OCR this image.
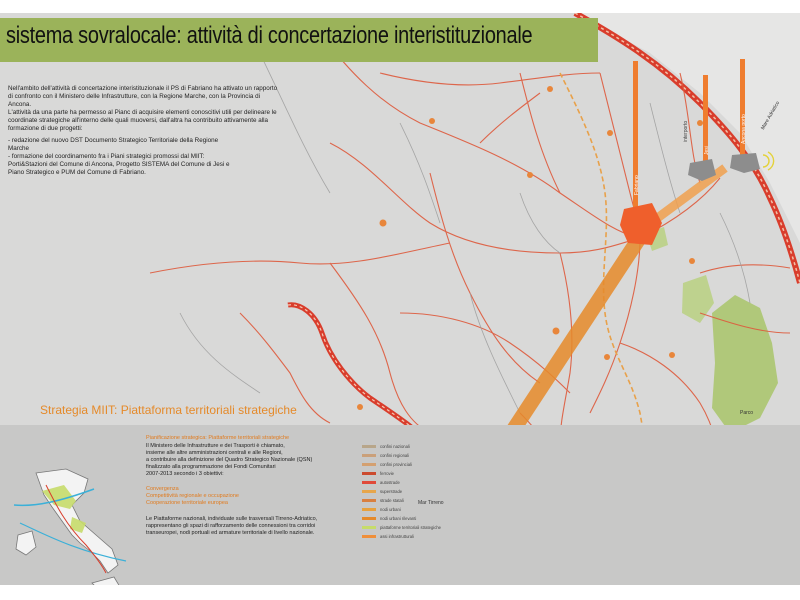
sistema sovralocale: attività di concertazione interistituzionale
Nell'ambito dell'attività di concertazione interistituzionale il PS di Fabriano ha attivato un rapporto
di confronto con il Ministero delle Infrastrutture, con la Regione Marche, con la Provincia di
Ancona.
L'attività da una parte ha permesso al Pianc di acquisire elementi conoscitivi utili per delineare le
coordinate strategiche all'interno delle quali muoversi, dall'altra ha contribuito attivamente alla
formazione di due progetti:
- redazione del nuovo DST Documento Strategico Territoriale della Regione
Marche
- formazione del coordinamento fra i Piani strategici promossi dal MIIT:
Porti&Stazioni del Comune di Ancona, Progetto SISTEMA del Comune di Jesi e
Piano Strategico e PUM del Comune di Fabriano.
Strategia MIIT: Piattaforma territoriali strategiche
Pianificazione strategica: Piattaforme territoriali strategiche
Il Ministero delle Infrastrutture e dei Trasporti è chiamato,
insieme alle altre amministrazioni centrali e alle Regioni,
a contribuire alla definizione del Quadro Strategico Nazionale (QSN)
finalizzato alla programmazione dei Fondi Comunitari
2007-2013 secondo i 3 obiettivi:
Convergenza
Competitività regionale e occupazione
Cooperazione territoriale europea
Le Piattaforme nazionali, individuate sulle trasversali Tirreno-Adriatico,
rappresentano gli spazi di rafforzamento delle connessioni tra corridoi
transeuropei, nodi portuali ed armature territoriale di livello nazionale.
confini nazionali
confini regionali
confini provinciali
ferrovie
autostrade
superstrade
strade statali
nodi urbani
nodi urbani rilevanti
piattaforme territoriali strategiche
assi infrastrutturali
Parco
Mare Adriatico
Mar Tirreno
Fabriano
Jesi
Ancona porto
interporto
